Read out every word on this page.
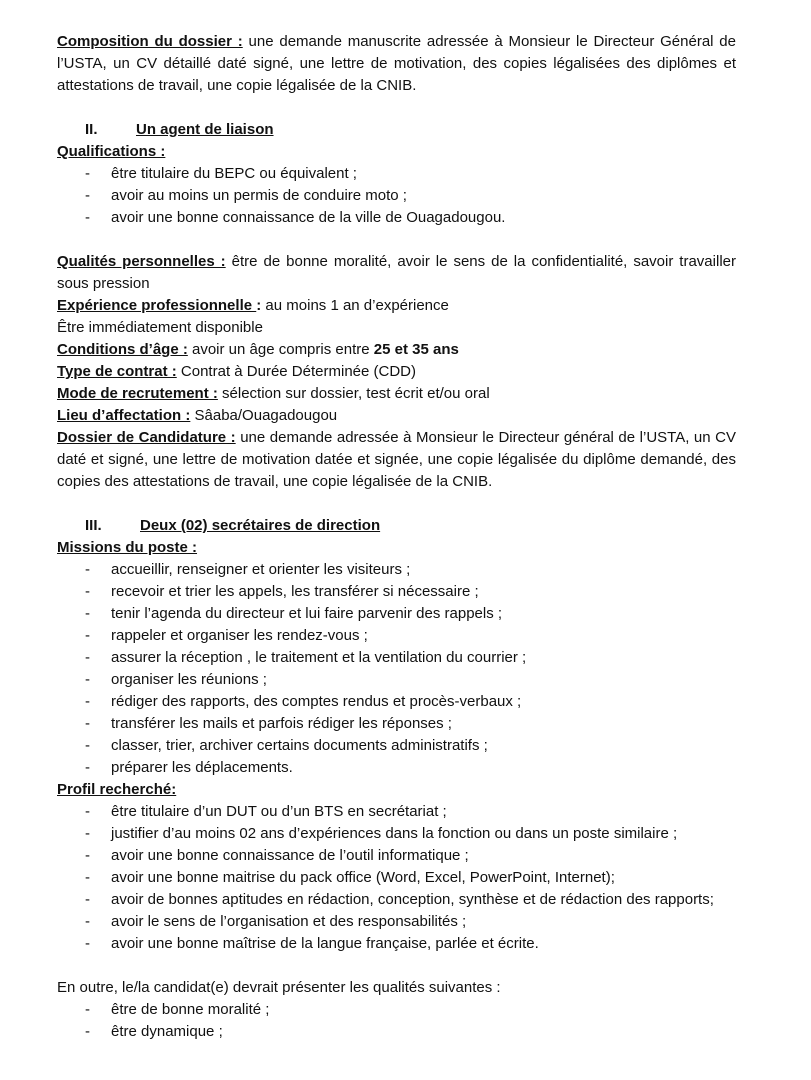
Composition du dossier : une demande manuscrite adressée à Monsieur le Directeur Général de l’USTA, un CV détaillé daté signé, une lettre de motivation, des copies légalisées des diplômes et attestations de travail, une copie légalisée de la CNIB.

II.	Un agent de liaison

Qualifications :

- être titulaire du BEPC ou équivalent ;
- avoir au moins un permis de conduire moto ;
- avoir une bonne connaissance de la ville de Ouagadougou.

Qualités personnelles : être de bonne moralité, avoir le sens de la confidentialité, savoir travailler sous pression

Expérience professionnelle : au moins 1 an d’expérience

Être immédiatement disponible

Conditions d’âge : avoir un âge compris entre 25 et 35 ans

Type de contrat : Contrat à Durée Déterminée (CDD)

Mode de recrutement : sélection sur dossier, test écrit et/ou oral

Lieu d’affectation : Sâaba/Ouagadougou

Dossier de Candidature : une demande adressée à Monsieur le Directeur général de l’USTA, un CV daté et signé, une lettre de motivation datée et signée, une copie légalisée du diplôme demandé, des copies des attestations de travail, une copie légalisée de la CNIB.

III.	Deux (02) secrétaires de direction

Missions du poste :

- accueillir, renseigner et orienter les visiteurs ;
- recevoir et trier les appels, les transférer si nécessaire ;
- tenir l’agenda du directeur et lui faire parvenir des rappels ;
- rappeler et organiser les rendez-vous ;
- assurer la réception , le traitement et la ventilation du courrier ;
- organiser les réunions ;
- rédiger des rapports, des comptes rendus et procès-verbaux ;
- transférer les mails et parfois rédiger les réponses ;
- classer, trier, archiver certains documents administratifs ;
- préparer les déplacements.

Profil recherché:

- être titulaire d’un DUT ou d’un BTS en secrétariat ;
- justifier d’au moins 02 ans d’expériences dans la fonction ou dans un poste similaire ;
- avoir une bonne connaissance de l’outil informatique ;
- avoir une bonne maitrise du pack office (Word, Excel, PowerPoint, Internet);
- avoir de bonnes aptitudes en rédaction, conception, synthèse et de rédaction des rapports;
- avoir le sens de l’organisation et des responsabilités ;
- avoir une bonne maîtrise de la langue française, parlée et écrite.

En outre, le/la candidat(e) devrait présenter les qualités suivantes :

- être de bonne moralité ;
- être dynamique ;
